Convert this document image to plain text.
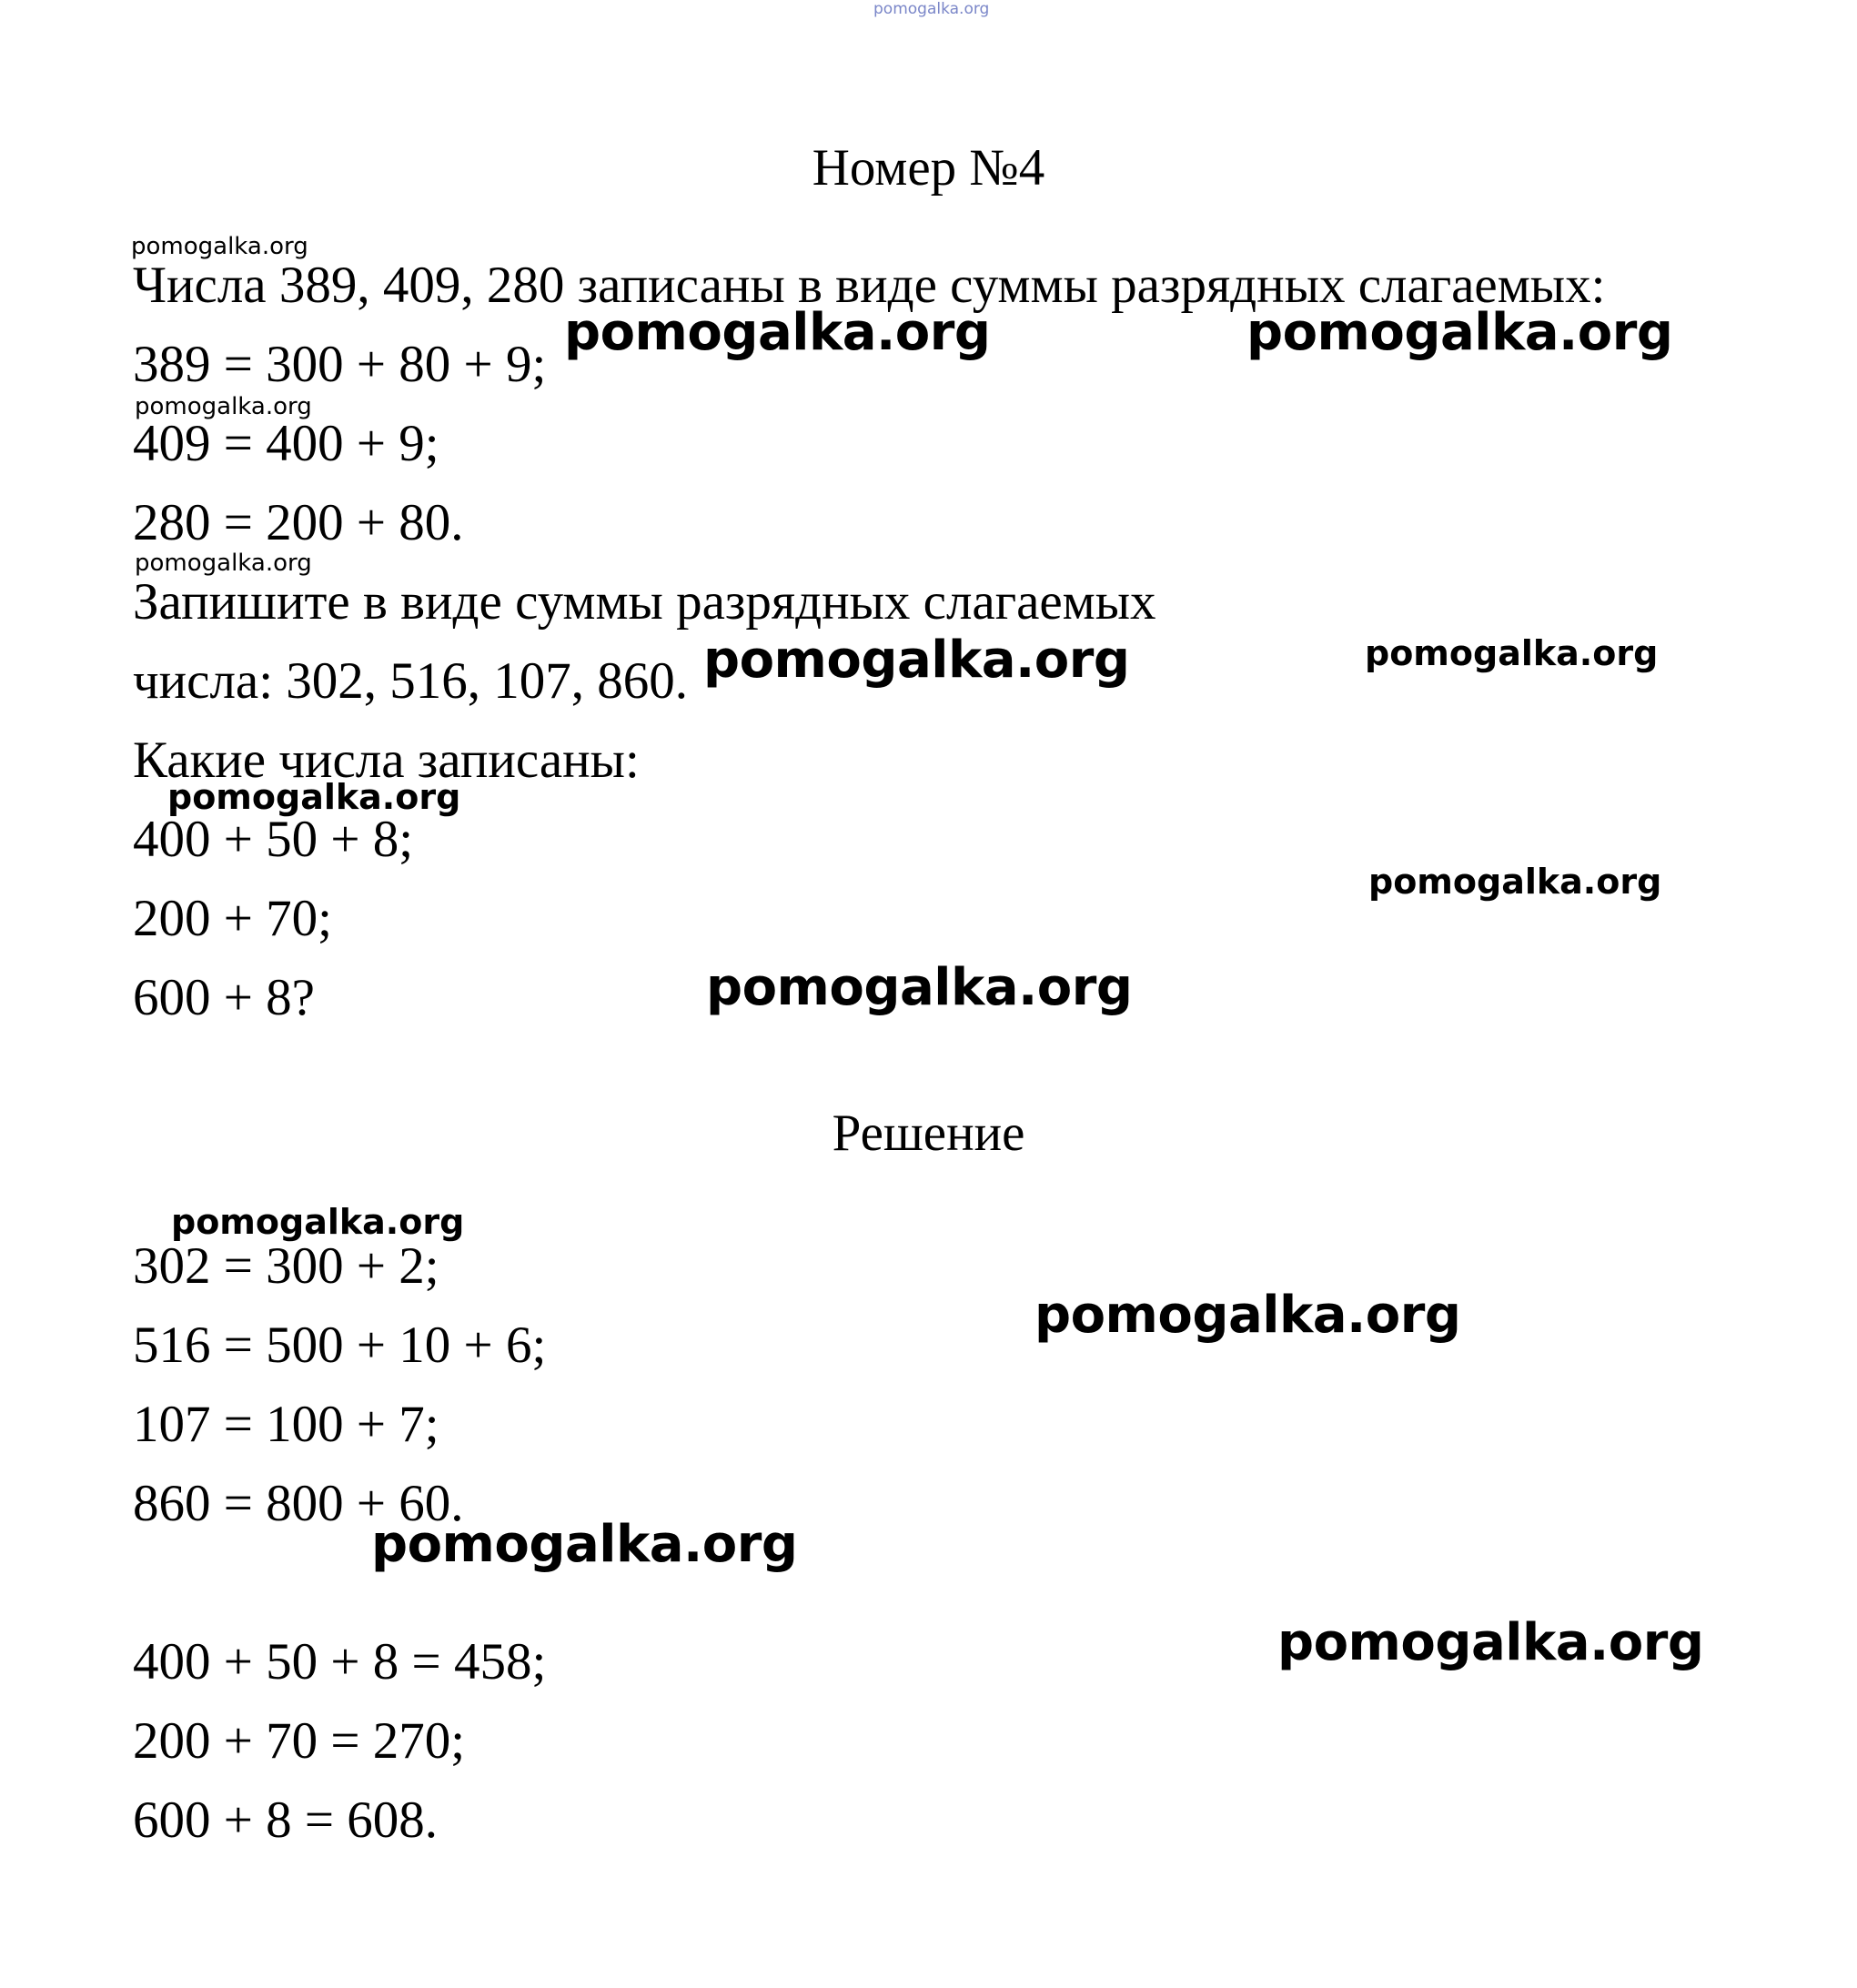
pomogalka.org
Номер №4
Числа 389, 409, 280 записаны в виде суммы разрядных слагаемых:
389 = 300 + 80 + 9;
409 = 400 + 9;
280 = 200 + 80.
Запишите в виде суммы разрядных слагаемых
числа: 302, 516, 107, 860.
Какие числа записаны:
400 + 50 + 8;
200 + 70;
600 + 8?
Решение
302 = 300 + 2;
516 = 500 + 10 + 6;
107 = 100 + 7;
860 = 800 + 60.
400 + 50 + 8 = 458;
200 + 70 = 270;
600 + 8 = 608.
pomogalka.org
pomogalka.org	pomogalka.org
pomogalka.org
pomogalka.org
pomogalka.org	pomogalka.org
pomogalka.org
pomogalka.org
pomogalka.org
pomogalka.org
pomogalka.org
pomogalka.org
pomogalka.org
